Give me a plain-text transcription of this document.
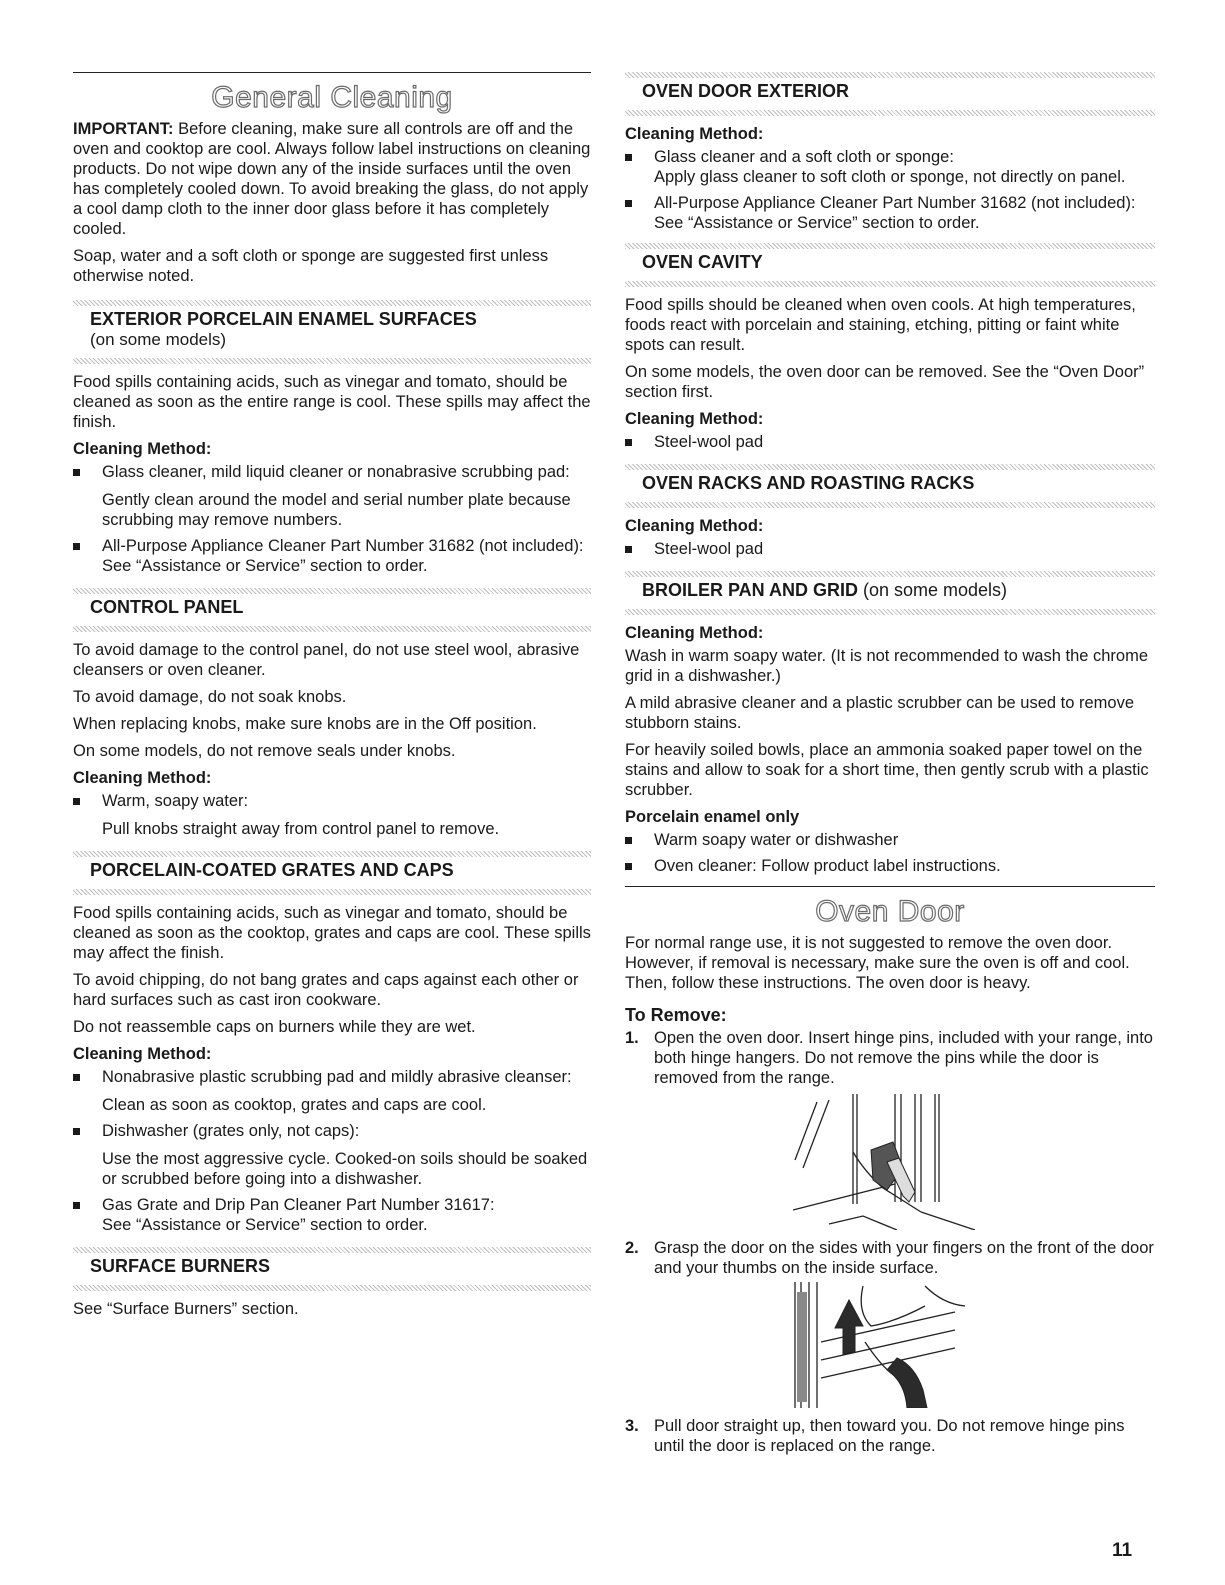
General Cleaning

IMPORTANT: Before cleaning, make sure all controls are off and the oven and cooktop are cool. Always follow label instructions on cleaning products. Do not wipe down any of the inside surfaces until the oven has completely cooled down. To avoid breaking the glass, do not apply a cool damp cloth to the inner door glass before it has completely cooled.

Soap, water and a soft cloth or sponge are suggested first unless otherwise noted.

EXTERIOR PORCELAIN ENAMEL SURFACES
(on some models)

Food spills containing acids, such as vinegar and tomato, should be cleaned as soon as the entire range is cool. These spills may affect the finish.

Cleaning Method:
Glass cleaner, mild liquid cleaner or nonabrasive scrubbing pad:
Gently clean around the model and serial number plate because scrubbing may remove numbers.
All-Purpose Appliance Cleaner Part Number 31682 (not included):
See “Assistance or Service” section to order.
CONTROL PANEL

To avoid damage to the control panel, do not use steel wool, abrasive cleansers or oven cleaner.

To avoid damage, do not soak knobs.

When replacing knobs, make sure knobs are in the Off position.

On some models, do not remove seals under knobs.

Cleaning Method:
Warm, soapy water:
Pull knobs straight away from control panel to remove.
PORCELAIN-COATED GRATES AND CAPS

Food spills containing acids, such as vinegar and tomato, should be cleaned as soon as the cooktop, grates and caps are cool. These spills may affect the finish.

To avoid chipping, do not bang grates and caps against each other or hard surfaces such as cast iron cookware.

Do not reassemble caps on burners while they are wet.

Cleaning Method:
Nonabrasive plastic scrubbing pad and mildly abrasive cleanser:
Clean as soon as cooktop, grates and caps are cool.
Dishwasher (grates only, not caps):
Use the most aggressive cycle. Cooked-on soils should be soaked or scrubbed before going into a dishwasher.
Gas Grate and Drip Pan Cleaner Part Number 31617:
See “Assistance or Service” section to order.
SURFACE BURNERS

See “Surface Burners” section.

OVEN DOOR EXTERIOR
Cleaning Method:
Glass cleaner and a soft cloth or sponge:
Apply glass cleaner to soft cloth or sponge, not directly on panel.
All-Purpose Appliance Cleaner Part Number 31682 (not included):
See “Assistance or Service” section to order.
OVEN CAVITY

Food spills should be cleaned when oven cools. At high temperatures, foods react with porcelain and staining, etching, pitting or faint white spots can result.

On some models, the oven door can be removed. See the “Oven Door” section first.

Cleaning Method:
Steel-wool pad
OVEN RACKS AND ROASTING RACKS
Cleaning Method:
Steel-wool pad
BROILER PAN AND GRID (on some models)
Cleaning Method:

Wash in warm soapy water. (It is not recommended to wash the chrome grid in a dishwasher.)

A mild abrasive cleaner and a plastic scrubber can be used to remove stubborn stains.

For heavily soiled bowls, place an ammonia soaked paper towel on the stains and allow to soak for a short time, then gently scrub with a plastic scrubber.

Porcelain enamel only
Warm soapy water or dishwasher
Oven cleaner: Follow product label instructions.
Oven Door

For normal range use, it is not suggested to remove the oven door. However, if removal is necessary, make sure the oven is off and cool. Then, follow these instructions. The oven door is heavy.

To Remove:
1. Open the oven door. Insert hinge pins, included with your range, into both hinge hangers. Do not remove the pins while the door is removed from the range.
2. Grasp the door on the sides with your fingers on the front of the door and your thumbs on the inside surface.
3. Pull door straight up, then toward you. Do not remove hinge pins until the door is replaced on the range.
11
